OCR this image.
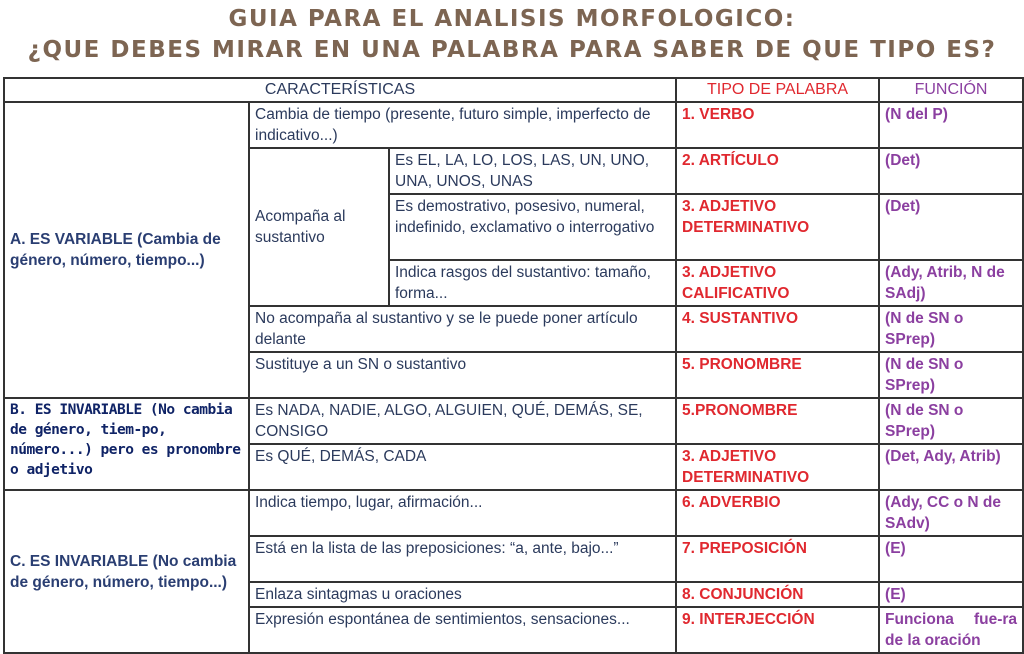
GUIA PARA EL ANALISIS MORFOLOGICO:
¿QUE DEBES MIRAR EN UNA PALABRA PARA SABER DE QUE TIPO ES?
CARACTERÍSTICAS			TIPO DE PALABRA	FUNCIÓN
A. ES VARIABLE (Cambia de género, número, tiempo...)	Cambia de tiempo (presente, futuro simple, imperfecto de indicativo...)		1. VERBO	(N del P)
	Acompaña al sustantivo	Es EL, LA, LO, LOS, LAS, UN, UNO, UNA, UNOS, UNAS	2. ARTÍCULO	(Det)
		Es demostrativo, posesivo, numeral, indefinido, exclamativo o interrogativo	3. ADJETIVO DETERMINATIVO	(Det)
		Indica rasgos del sustantivo: tamaño, forma...	3. ADJETIVO CALIFICATIVO	(Ady, Atrib, N de SAdj)
	No acompaña al sustantivo y se le puede poner artículo delante		4. SUSTANTIVO	(N de SN o SPrep)
	Sustituye a un SN o sustantivo		5. PRONOMBRE	(N de SN o SPrep)
B. ES INVARIABLE (No cambia de género, tiem-po, número...) pero es pronombre o adjetivo	Es NADA, NADIE, ALGO, ALGUIEN, QUÉ, DEMÁS, SE, CONSIGO		5.PRONOMBRE	(N de SN o SPrep)
	Es QUÉ, DEMÁS, CADA		3. ADJETIVO DETERMINATIVO	(Det, Ady, Atrib)
C. ES INVARIABLE (No cambia de género, número, tiempo...)	Indica tiempo, lugar, afirmación...		6. ADVERBIO	(Ady, CC o N de SAdv)
	Está en la lista de las preposiciones: “a, ante, bajo...”		7. PREPOSICIÓN	(E)
	Enlaza sintagmas u oraciones		8. CONJUNCIÓN	(E)
	Expresión espontánea de sentimientos, sensaciones...		9. INTERJECCIÓN	Funciona fue-ra de la oración
